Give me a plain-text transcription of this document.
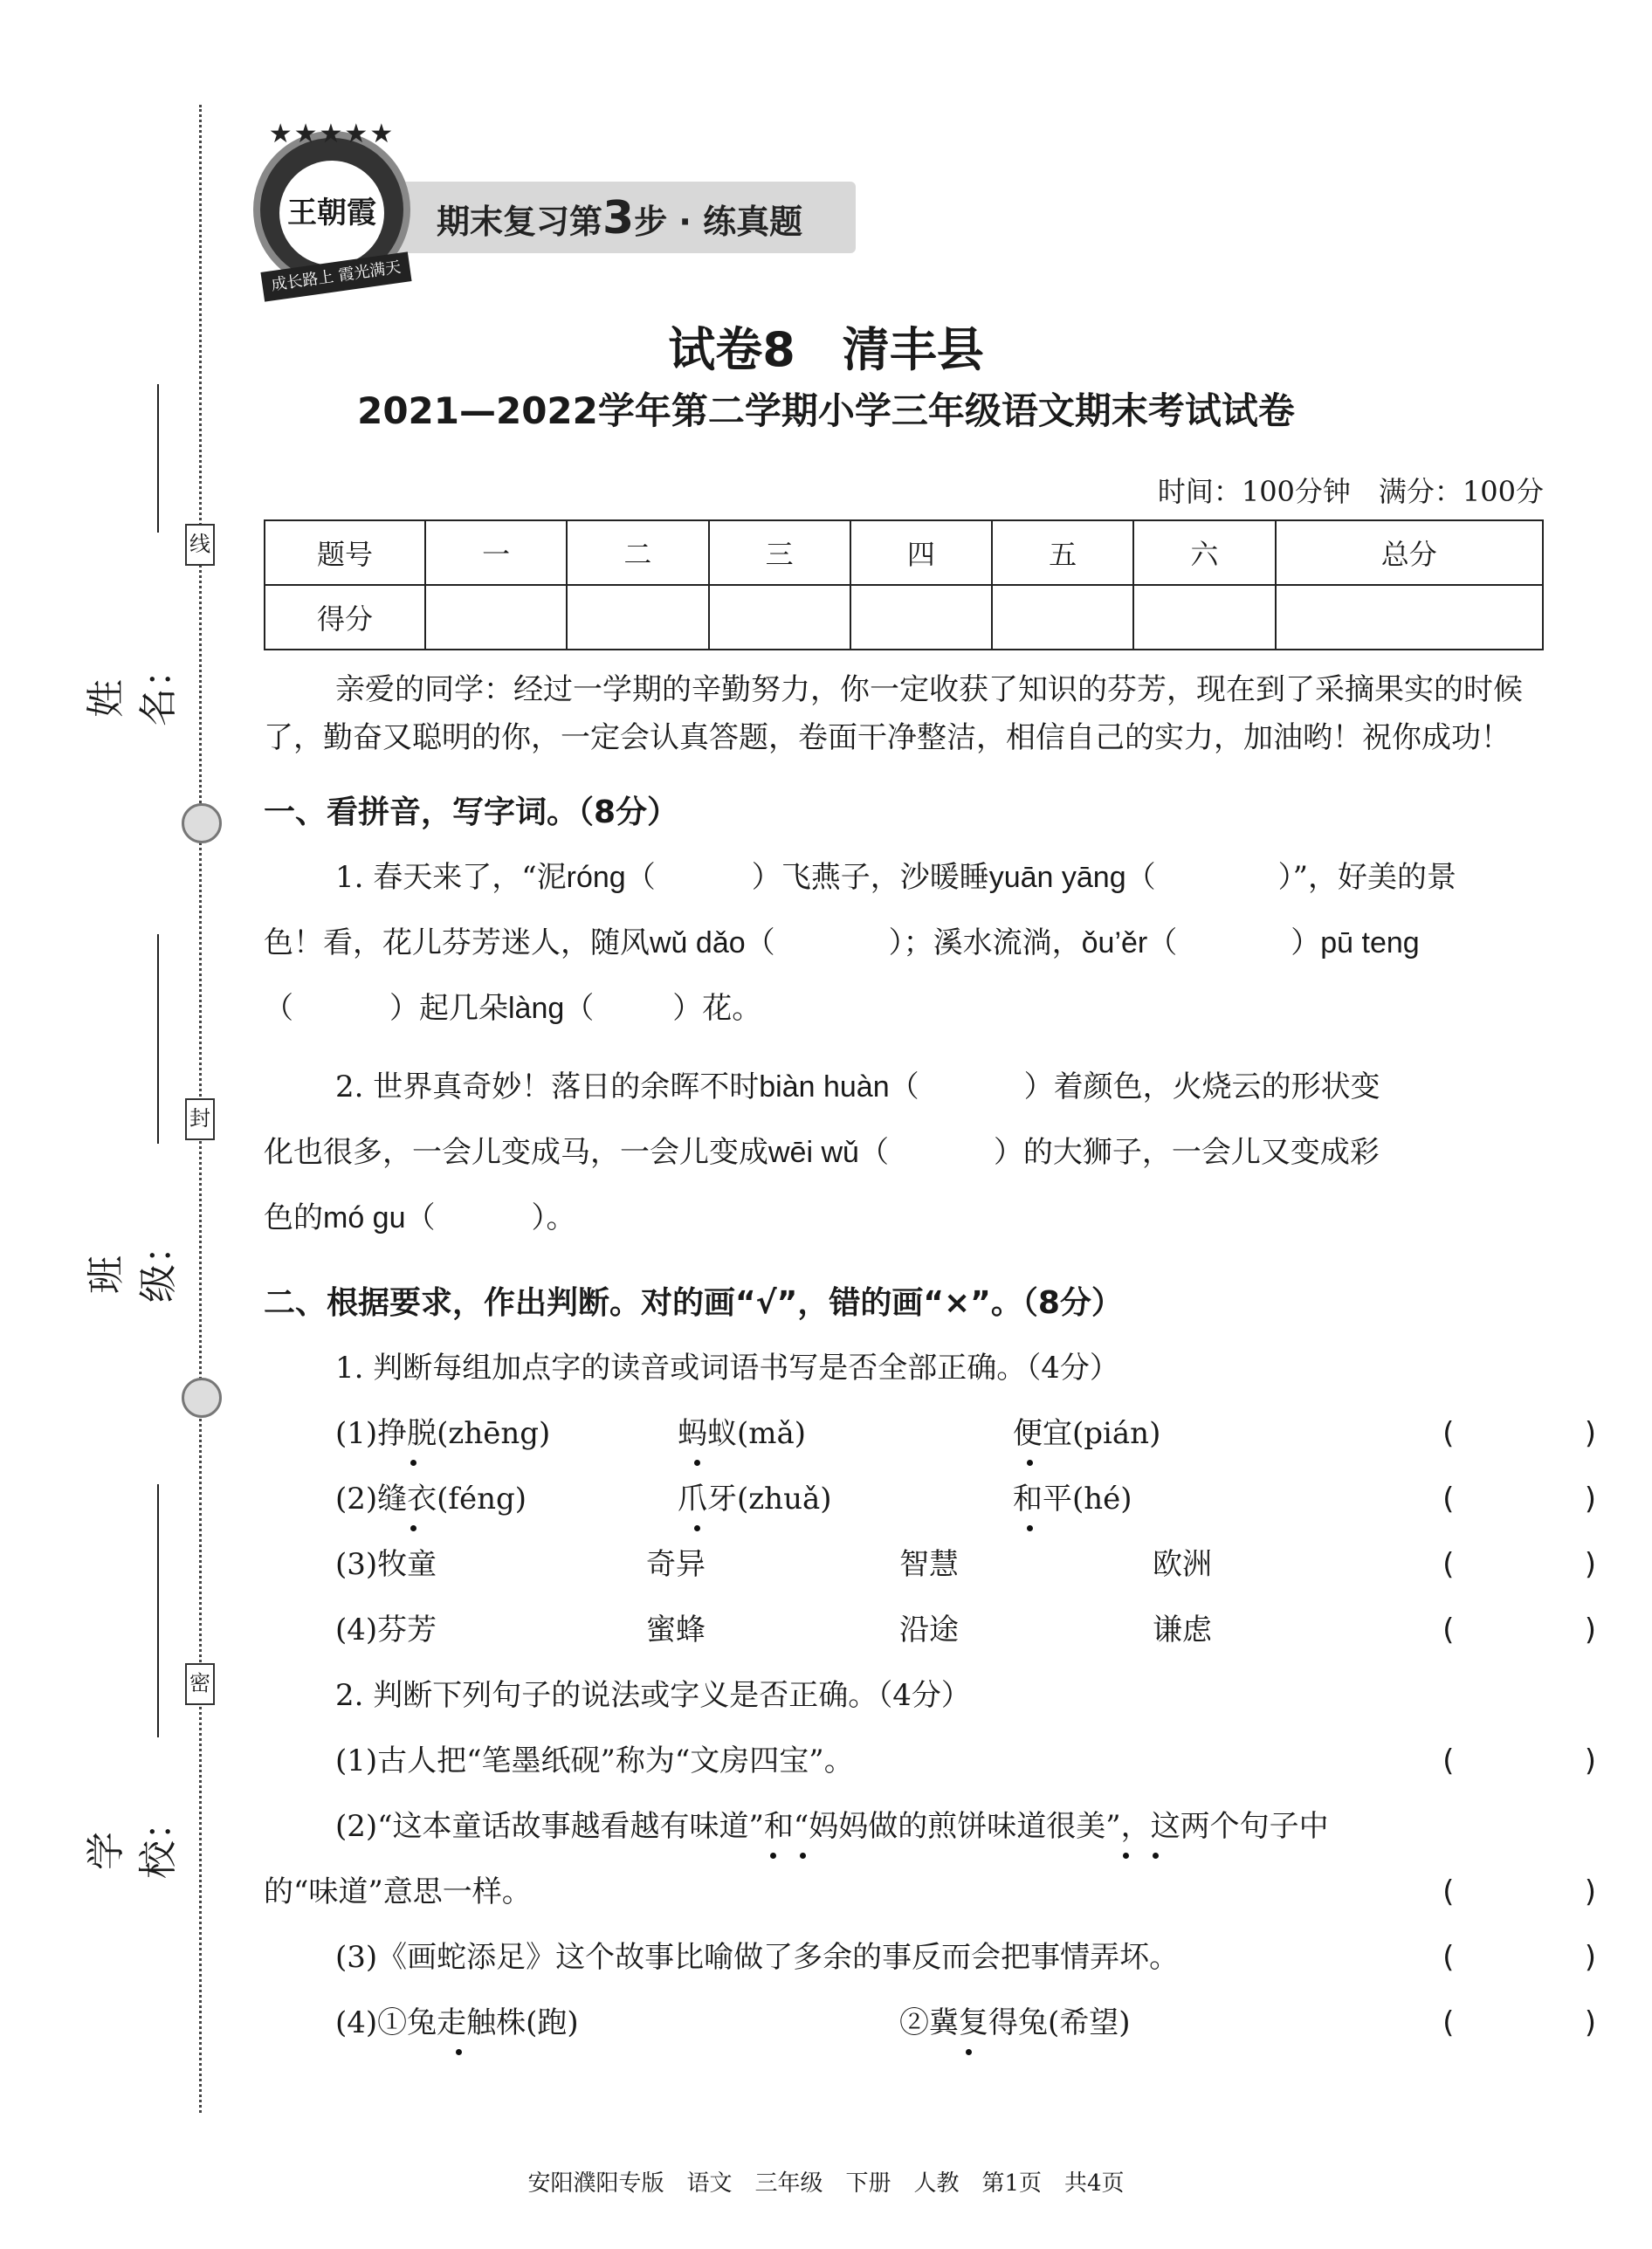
线
封
密
姓名：
班级：
学校：
期末复习第3步 · 练真题
王朝霞
★★★★★
成长路上 霞光满天
试卷8　清丰县
2021—2022学年第二学期小学三年级语文期末考试试卷
时间：100分钟　满分：100分
题号	一	二	三	四	五	六	总分
得分							
亲爱的同学：经过一学期的辛勤努力，你一定收获了知识的芬芳，现在到了采摘果实的时候
了，勤奋又聪明的你，一定会认真答题，卷面干净整洁，相信自己的实力，加油哟！祝你成功！
一、看拼音，写字词。（8分）
1. 春天来了，“泥róng（	）飞燕子，沙暖睡yuān yāng（	）”，好美的景
色！看，花儿芬芳迷人，随风wǔ dǎo（	）；溪水流淌，ǒu’ěr（	）pū teng
（	）起几朵làng（	）花。
2. 世界真奇妙！落日的余晖不时biàn huàn（	）着颜色，火烧云的形状变
化也很多，一会儿变成马，一会儿变成wēi wǔ（	）的大狮子，一会儿又变成彩
色的mó gu（	）。
二、根据要求，作出判断。对的画“√”，错的画“×”。（8分）
1. 判断每组加点字的读音或词语书写是否全部正确。（4分）
(1)挣脱(zhēng)	蚂蚁(mǎ)	便宜(pián)	(       )
(2)缝衣(féng)	爪牙(zhuǎ)	和平(hé)	(       )
(3)牧童	奇异	智慧	欧洲	(       )
(4)芬芳	蜜蜂	沿途	谦虑	(       )
2. 判断下列句子的说法或字义是否正确。（4分）
(1)古人把“笔墨纸砚”称为“文房四宝”。	(       )
(2)“这本童话故事越看越有味道”和“妈妈做的煎饼味道很美”，这两个句子中
的“味道”意思一样。	(       )
(3)《画蛇添足》这个故事比喻做了多余的事反而会把事情弄坏。	(       )
(4)①兔走触株(跑)	②冀复得兔(希望)	(       )
安阳濮阳专版　语文　三年级　下册　人教　第1页　共4页
